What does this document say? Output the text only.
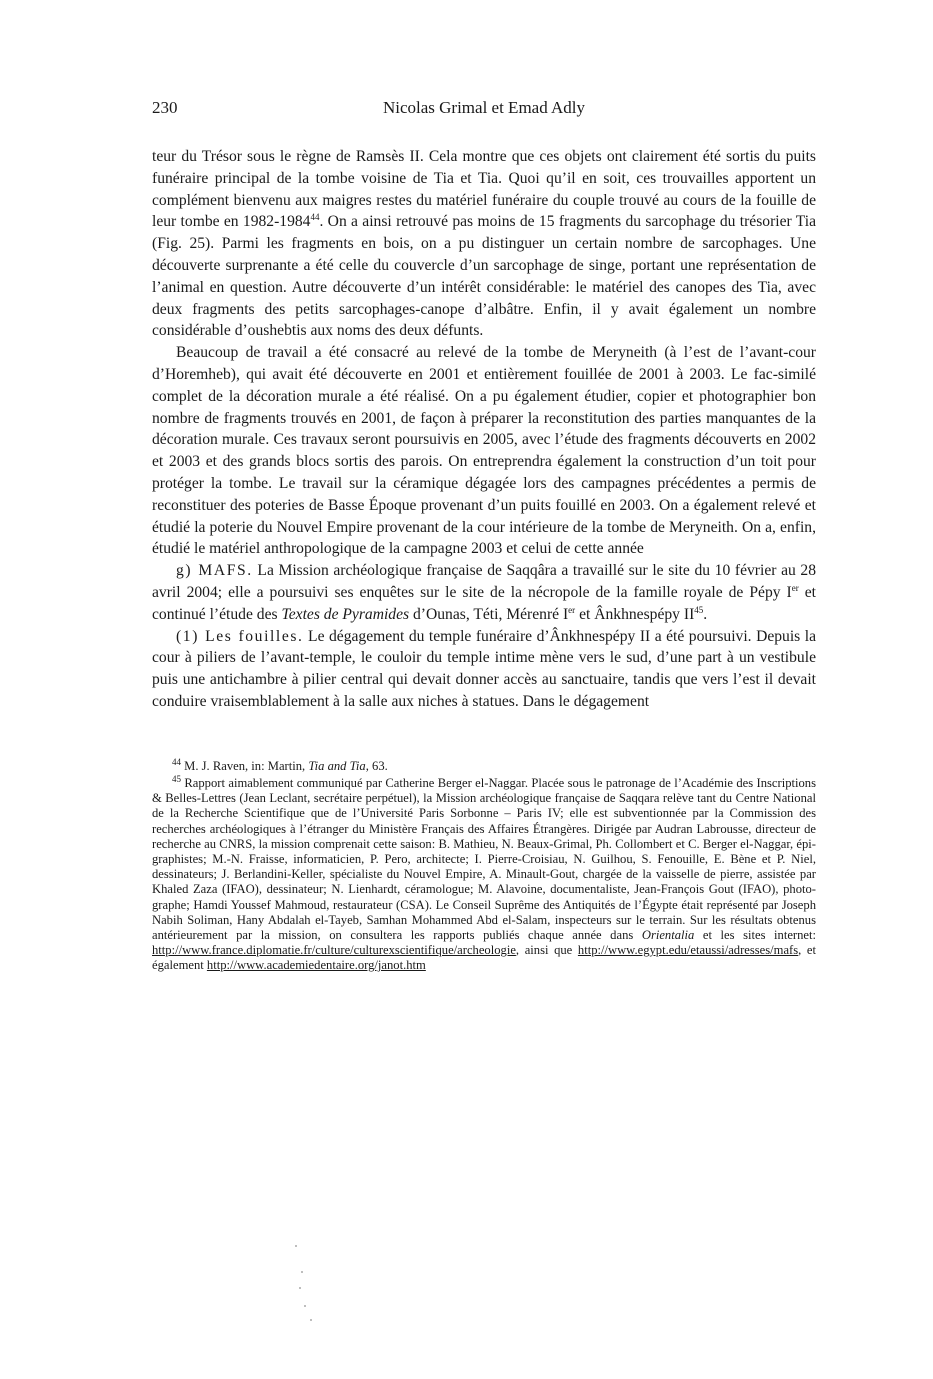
230	Nicolas Grimal et Emad Adly

teur du Trésor sous le règne de Ramsès II. Cela montre que ces objets ont clairement été sortis du puits funéraire principal de la tombe voisine de Tia et Tia. Quoi qu’il en soit, ces trouvailles apportent un complément bienvenu aux maigres restes du matériel funéraire du couple trouvé au cours de la fouille de leur tombe en 1982-1984$^{44}$. On a ainsi retrouvé pas moins de 15 fragments du sarcophage du trésorier Tia (Fig. 25). Parmi les fragments en bois, on a pu distinguer un certain nombre de sarcophages. Une découverte surprenante a été celle du couvercle d’un sarcophage de singe, portant une représentation de l’animal en question. Autre découverte d’un intérêt considérable: le matériel des canopes des Tia, avec deux fragments des petits sarcophages-canope d’albâtre. Enfin, il y avait également un nombre considérable d’oushebtis aux noms des deux défunts.

Beaucoup de travail a été consacré au relevé de la tombe de Meryneith (à l’est de l’avant-cour d’Horemheb), qui avait été découverte en 2001 et entièrement fouillée de 2001 à 2003. Le fac-similé complet de la décoration murale a été réalisé. On a pu également étudier, copier et photographier bon nombre de fragments trouvés en 2001, de façon à préparer la reconstitution des parties manquantes de la décoration murale. Ces travaux seront poursuivis en 2005, avec l’étude des fragments découverts en 2002 et 2003 et des grands blocs sortis des parois. On entreprendra également la construction d’un toit pour protéger la tombe. Le travail sur la céramique dégagée lors des campagnes précédentes a permis de reconstituer des poteries de Basse Époque provenant d’un puits fouillé en 2003. On a également relevé et étudié la poterie du Nouvel Empire provenant de la cour intérieure de la tombe de Meryneith. On a, enfin, étudié le matériel anthropologique de la campagne 2003 et celui de cette année

g) MAFS. La Mission archéologique française de Saqqâra a travaillé sur le site du 10 février au 28 avril 2004; elle a poursuivi ses enquêtes sur le site de la nécropole de la famille royale de Pépy Ier et continué l’étude des Textes de Pyramides d’Ounas, Téti, Mérenré Ier et Ânkhnespépy II$^{45}$.

(1) Les fouilles. Le dégagement du temple funéraire d’Ânkhnespépy II a été poursuivi. Depuis la cour à piliers de l’avant-temple, le couloir du temple intime mène vers le sud, d’une part à un vestibule puis une antichambre à pilier central qui devait donner accès au sanctuaire, tandis que vers l’est il devait conduire vraisemblablement à la salle aux niches à statues. Dans le dégagement

$^{44}$ M. J. Raven, in: Martin, Tia and Tia, 63.

$^{45}$ Rapport aimablement communiqué par Catherine Berger el-Naggar. Placée sous le patronage de l’Académie des Inscriptions & Belles-Lettres (Jean Leclant, secrétaire perpétuel), la Mission archéologique française de Saqqara relève tant du Centre National de la Recherche Scientifique que de l’Université Paris Sorbonne – Paris IV; elle est subventionnée par la Commission des recherches archéologiques à l’étranger du Ministère Français des Affaires Étrangères. Dirigée par Audran Labrousse, directeur de recherche au CNRS, la mission comprenait cette saison: B. Mathieu, N. Beaux-Grimal, Ph. Collombert et C. Berger el-Naggar, épigraphistes; M.-N. Fraisse, informaticien, P. Pero, architecte; I. Pierre-Croisiau, N. Guilhou, S. Fenouille, E. Bène et P. Niel, dessinateurs; J. Berlandini-Keller, spécialiste du Nouvel Empire, A. Minault-Gout, chargée de la vaisselle de pierre, assistée par Khaled Zaza (IFAO), dessinateur; N. Lienhardt, céramologue; M. Alavoine, documentaliste, Jean-François Gout (IFAO), photographe; Hamdi Youssef Mahmoud, restaurateur (CSA). Le Conseil Suprême des Antiquités de l’Égypte était représenté par Joseph Nabih Soliman, Hany Abdalah el-Tayeb, Samhan Mohammed Abd el-Salam, inspecteurs sur le terrain. Sur les résultats obtenus antérieurement par la mission, on consultera les rapports publiés chaque année dans Orientalia et les sites internet: http://www.france.diplomatie.fr/culture/culturexscientifique/archeologie, ainsi que http://www.egypt.edu/etaussi/adresses/mafs, et également http://www.academiedentaire.org/janot.htm
